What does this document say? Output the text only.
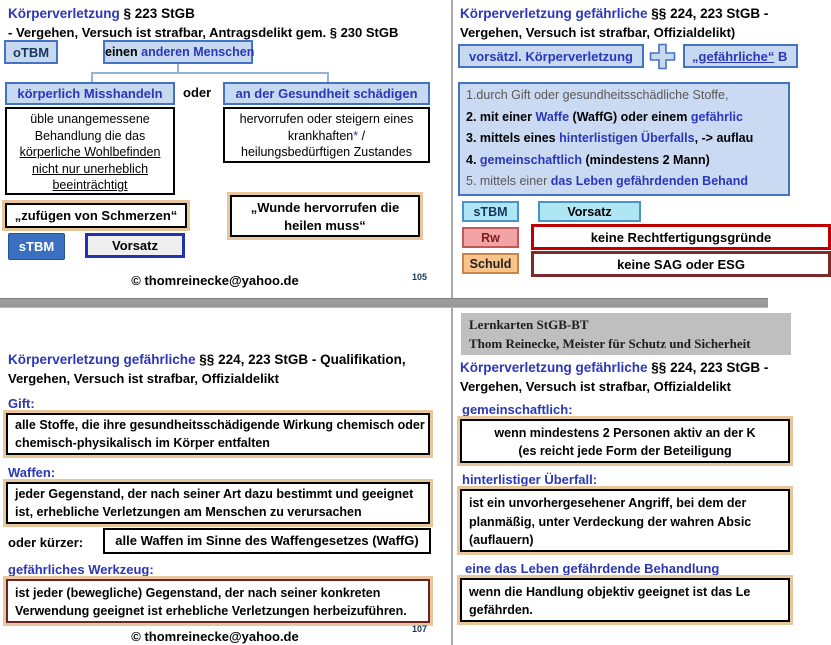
Körperverletzung § 223 StGB
- Vergehen, Versuch ist strafbar, Antragsdelikt gem. § 230 StGB
oTBM	einen anderen Menschen
körperlich Misshandeln	oder	an der Gesundheit schädigen
üble unangemessene
Behandlung die das
körperliche Wohlbefinden
nicht nur unerheblich
beeinträchtigt
hervorrufen oder steigern eines
krankhaften* /
heilungsbedürftigen Zustandes
„zufügen von Schmerzen“
„Wunde hervorrufen die
heilen muss“
sTBM	Vorsatz
© thomreinecke@yahoo.de	105
Körperverletzung gefährliche §§ 224, 223 StGB -
Vergehen, Versuch ist strafbar, Offizialdelikt)
vorsätzl. Körperverletzung	„gefährliche“ B
1.durch Gift oder gesundheitsschädliche Stoffe,
2. mit einer Waffe (WaffG) oder einem gefährlic
3. mittels eines hinterlistigen Überfalls, -> auflau
4. gemeinschaftlich (mindestens 2 Mann)
5. mittels einer das Leben gefährdenden Behand
sTBM	Vorsatz
Rw	keine Rechtfertigungsgründe
Schuld	keine SAG oder ESG
Körperverletzung gefährliche §§ 224, 223 StGB - Qualifikation,
Vergehen, Versuch ist strafbar, Offizialdelikt
Gift:
alle Stoffe, die ihre gesundheitsschädigende Wirkung chemisch oder
chemisch-physikalisch im Körper entfalten
Waffen:
jeder Gegenstand, der nach seiner Art dazu bestimmt und geeignet
ist, erhebliche Verletzungen am Menschen zu verursachen
oder kürzer:	alle Waffen im Sinne des Waffengesetzes (WaffG)
gefährliches Werkzeug:
ist jeder (bewegliche) Gegenstand, der nach seiner konkreten
Verwendung geeignet ist erhebliche Verletzungen herbeizuführen.
© thomreinecke@yahoo.de	107
Lernkarten StGB-BT
Thom Reinecke, Meister für Schutz und Sicherheit
Körperverletzung gefährliche §§ 224, 223 StGB -
Vergehen, Versuch ist strafbar, Offizialdelikt
gemeinschaftlich:
wenn mindestens 2 Personen aktiv an der K
(es reicht jede Form der Beteiligung
hinterlistiger Überfall:
ist ein unvorhergesehener Angriff, bei dem der
planmäßig, unter Verdeckung der wahren Absic
(auflauern)
eine das Leben gefährdende Behandlung
wenn die Handlung objektiv geeignet ist das Le
gefährden.
